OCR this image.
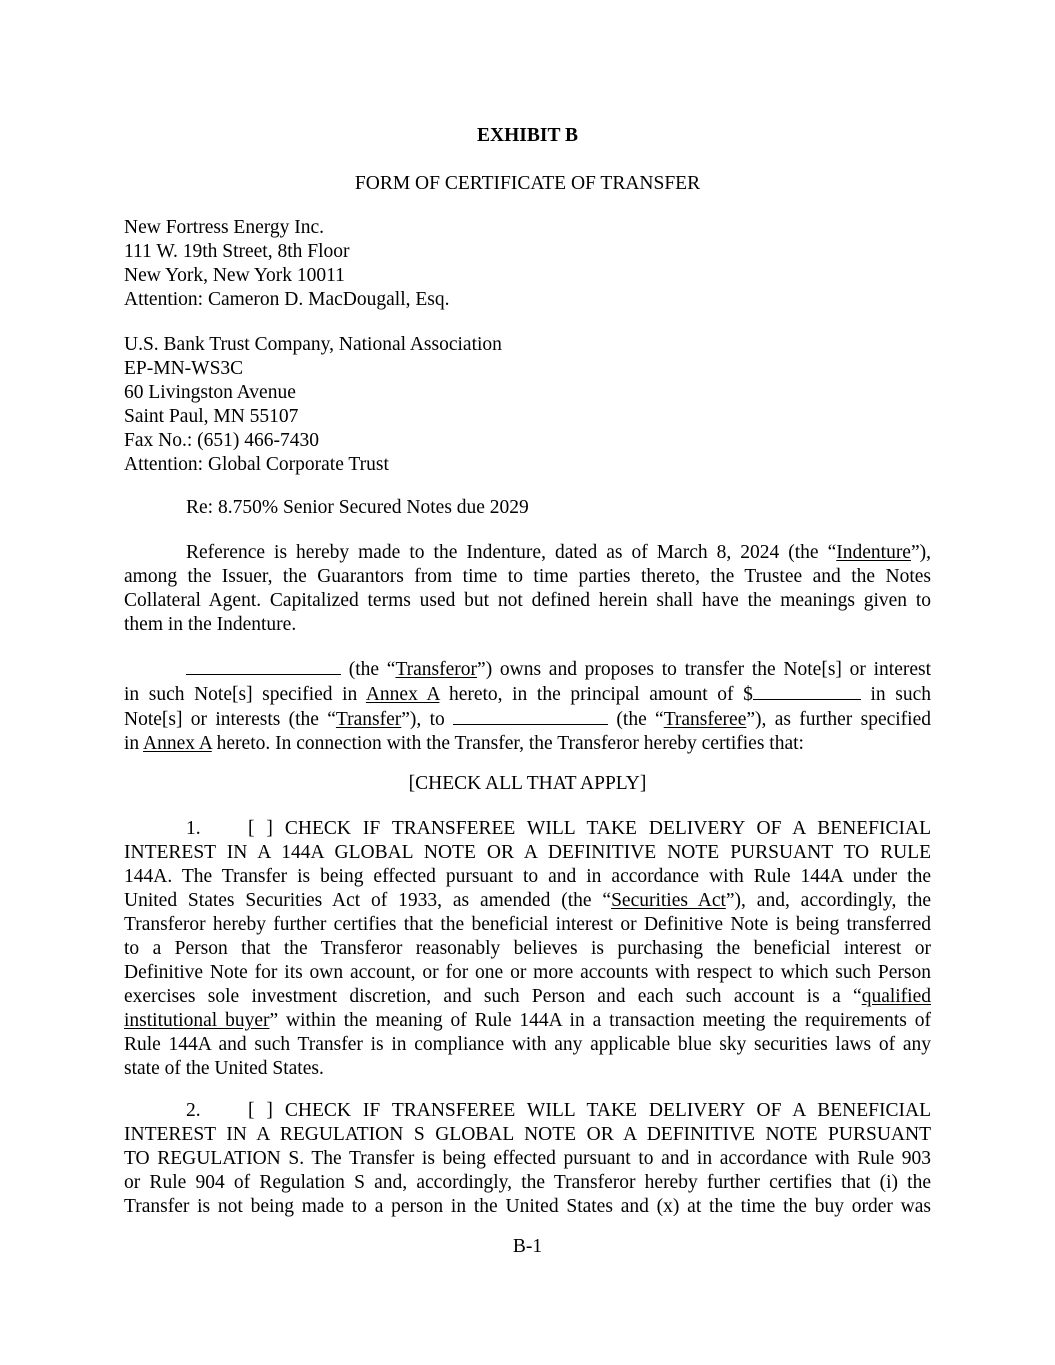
EXHIBIT B
FORM OF CERTIFICATE OF TRANSFER
New Fortress Energy Inc.
111 W. 19th Street, 8th Floor
New York, New York 10011
Attention: Cameron D. MacDougall, Esq.
U.S. Bank Trust Company, National Association
EP-MN-WS3C
60 Livingston Avenue
Saint Paul, MN 55107
Fax No.: (651) 466-7430
Attention: Global Corporate Trust
Re: 8.750% Senior Secured Notes due 2029
Reference is hereby made to the Indenture, dated as of March 8, 2024 (the “Indenture”),
among the Issuer, the Guarantors from time to time parties thereto, the Trustee and the Notes
Collateral Agent. Capitalized terms used but not defined herein shall have the meanings given to
them in the Indenture.
(the “Transferor”) owns and proposes to transfer the Note[s] or interest
in such Note[s] specified in Annex A hereto, in the principal amount of $	in such
Note[s] or interests (the “Transfer”), to	(the “Transferee”), as further specified
in Annex A hereto. In connection with the Transfer, the Transferor hereby certifies that:
[CHECK ALL THAT APPLY]
1. [ ] CHECK IF TRANSFEREE WILL TAKE DELIVERY OF A BENEFICIAL
INTEREST IN A 144A GLOBAL NOTE OR A DEFINITIVE NOTE PURSUANT TO RULE
144A. The Transfer is being effected pursuant to and in accordance with Rule 144A under the
United States Securities Act of 1933, as amended (the “Securities Act”), and, accordingly, the
Transferor hereby further certifies that the beneficial interest or Definitive Note is being transferred
to a Person that the Transferor reasonably believes is purchasing the beneficial interest or
Definitive Note for its own account, or for one or more accounts with respect to which such Person
exercises sole investment discretion, and such Person and each such account is a “qualified
institutional buyer” within the meaning of Rule 144A in a transaction meeting the requirements of
Rule 144A and such Transfer is in compliance with any applicable blue sky securities laws of any
state of the United States.
2. [ ] CHECK IF TRANSFEREE WILL TAKE DELIVERY OF A BENEFICIAL
INTEREST IN A REGULATION S GLOBAL NOTE OR A DEFINITIVE NOTE PURSUANT
TO REGULATION S. The Transfer is being effected pursuant to and in accordance with Rule 903
or Rule 904 of Regulation S and, accordingly, the Transferor hereby further certifies that (i) the
Transfer is not being made to a person in the United States and (x) at the time the buy order was
B-1
